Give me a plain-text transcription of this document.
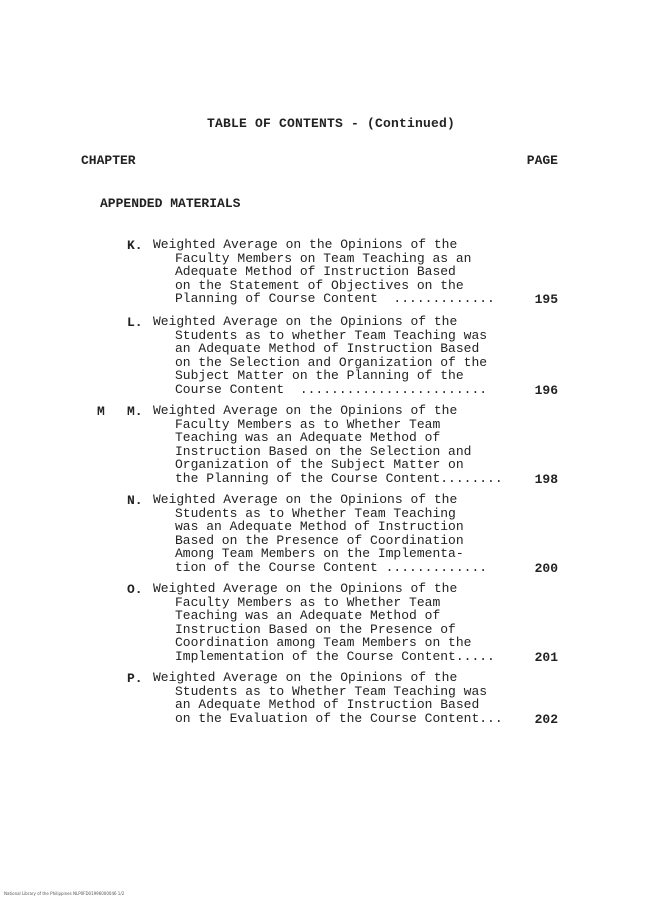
TABLE OF CONTENTS - (Continued)
CHAPTER	PAGE
APPENDED MATERIALS
K. Weighted Average on the Opinions of the
Faculty Members on Team Teaching as an
Adequate Method of Instruction Based
on the Statement of Objectives on the
Planning of Course Content  .............	195
L. Weighted Average on the Opinions of the
Students as to whether Team Teaching was
an Adequate Method of Instruction Based
on the Selection and Organization of the
Subject Matter on the Planning of the
Course Content  ........................	196
M M. Weighted Average on the Opinions of the
Faculty Members as to Whether Team
Teaching was an Adequate Method of
Instruction Based on the Selection and
Organization of the Subject Matter on
the Planning of the Course Content........	198
N. Weighted Average on the Opinions of the
Students as to Whether Team Teaching
was an Adequate Method of Instruction
Based on the Presence of Coordination
Among Team Members on the Implementa-
tion of the Course Content .............	200
O. Weighted Average on the Opinions of the
Faculty Members as to Whether Team
Teaching was an Adequate Method of
Instruction Based on the Presence of
Coordination among Team Members on the
Implementation of the Course Content.....	201
P. Weighted Average on the Opinions of the
Students as to Whether Team Teaching was
an Adequate Method of Instruction Based
on the Evaluation of the Course Content...	202
National Library of the Philippines NLP0FD01996000046 1/2
